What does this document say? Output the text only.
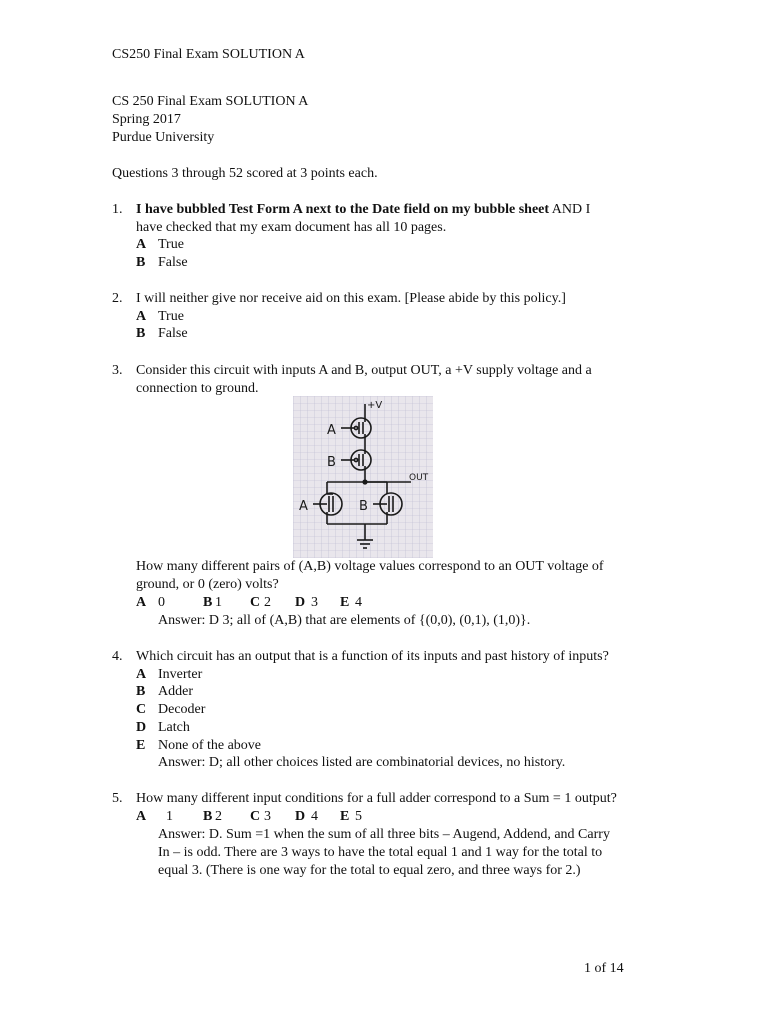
CS250 Final Exam SOLUTION A
CS 250 Final Exam SOLUTION A
Spring 2017
Purdue University
Questions 3 through 52 scored at 3 points each.
1. I have bubbled Test Form A next to the Date field on my bubble sheet AND I
have checked that my exam document has all 10 pages.
A True
B False
2. I will neither give nor receive aid on this exam. [Please abide by this policy.]
A True
B False
3. Consider this circuit with inputs A and B, output OUT, a +V supply voltage and a
connection to ground.
+V
A
B
OUT
A	B
How many different pairs of (A,B) voltage values correspond to an OUT voltage of
ground, or 0 (zero) volts?
A 0	B 1 C 2 D 3 E 4
Answer: D 3; all of (A,B) that are elements of {(0,0), (0,1), (1,0)}.
4. Which circuit has an output that is a function of its inputs and past history of inputs?
A Inverter
B Adder
C Decoder
D Latch
E None of the above
Answer: D; all other choices listed are combinatorial devices, no history.
5. How many different input conditions for a full adder correspond to a Sum = 1 output?
A 1 B 2 C 3 D 4 E 5
Answer: D. Sum =1 when the sum of all three bits – Augend, Addend, and Carry
In – is odd. There are 3 ways to have the total equal 1 and 1 way for the total to
equal 3. (There is one way for the total to equal zero, and three ways for 2.)
1 of 14
